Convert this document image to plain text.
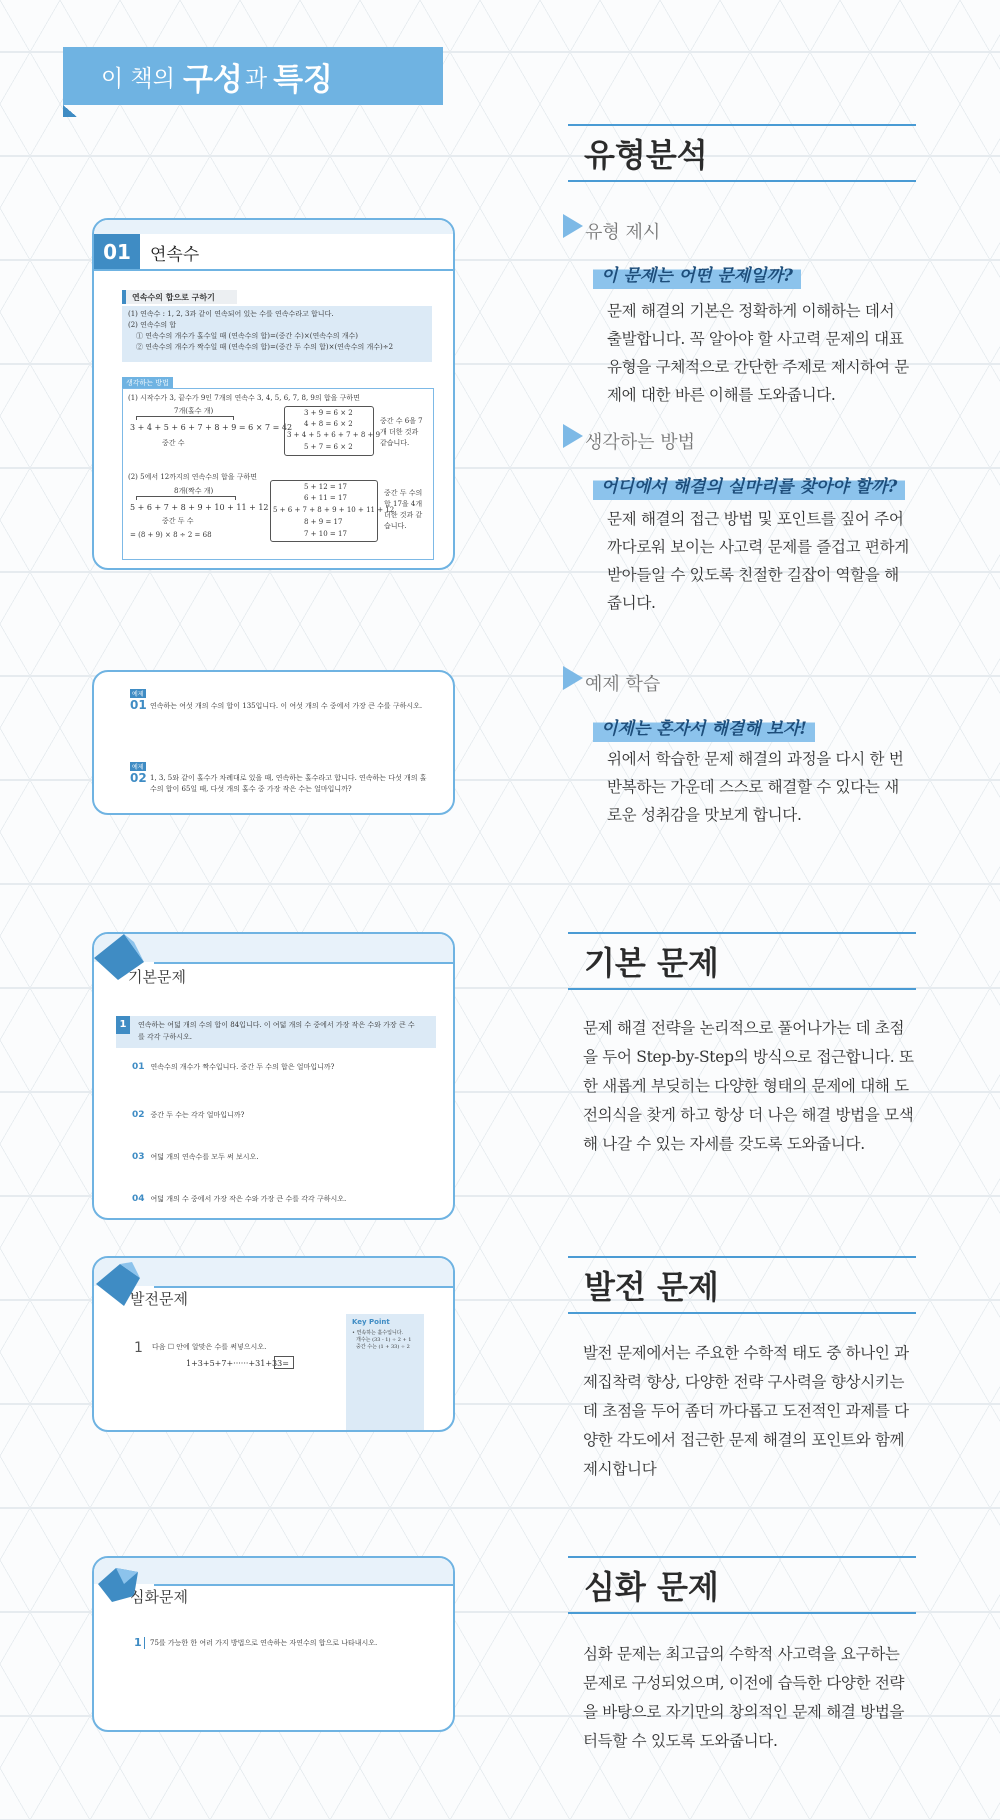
이 책의 구성 과 특징
유형분석
유형 제시
이 문제는 어떤 문제일까?
문제 해결의 기본은 정확하게 이해하는 데서 출발합니다. 꼭 알아야 할 사고력 문제의 대표 유형을 구체적으로 간단한 주제로 제시하여 문제에 대한 바른 이해를 도와줍니다.
생각하는 방법
어디에서 해결의 실마리를 찾아야 할까?
문제 해결의 접근 방법 및 포인트를 짚어 주어 까다로워 보이는 사고력 문제를 즐겁고 편하게 받아들일 수 있도록 친절한 길잡이 역할을 해 줍니다.
예제 학습
이제는 혼자서 해결해 보자!
위에서 학습한 문제 해결의 과정을 다시 한 번 반복하는 가운데 스스로 해결할 수 있다는 새로운 성취감을 맛보게 합니다.
기본 문제
문제 해결 전략을 논리적으로 풀어나가는 데 초점을 두어 Step-by-Step의 방식으로 접근합니다. 또한 새롭게 부딪히는 다양한 형태의 문제에 대해 도전의식을 찾게 하고 항상 더 나은 해결 방법을 모색해 나갈 수 있는 자세를 갖도록 도와줍니다.
발전 문제
발전 문제에서는 주요한 수학적 태도 중 하나인 과제집착력 향상, 다양한 전략 구사력을 향상시키는 데 초점을 두어 좀더 까다롭고 도전적인 과제를 다양한 각도에서 접근한 문제 해결의 포인트와 함께 제시합니다
심화 문제
심화 문제는 최고급의 수학적 사고력을 요구하는 문제로 구성되었으며, 이전에 습득한 다양한 전략을 바탕으로 자기만의 창의적인 문제 해결 방법을 터득할 수 있도록 도와줍니다.
01	연속수
연속수의 합으로 구하기
(1) 연속수 : 1, 2, 3과 같이 연속되어 있는 수를 연속수라고 합니다.
(2) 연속수의 합
① 연속수의 개수가 홀수일 때 (연속수의 합)=(중간 수)×(연속수의 개수)
② 연속수의 개수가 짝수일 때 (연속수의 합)=(중간 두 수의 합)×(연속수의 개수)÷2
생각하는 방법
(1) 시작수가 3, 끝수가 9인 7개의 연속수 3, 4, 5, 6, 7, 8, 9의 합을 구하면
7개(홀수 개)
3 + 4 + 5 + 6 + 7 + 8 + 9 = 6 × 7 = 42
중간 수
3 + 9 = 6 × 2
4 + 8 = 6 × 2
3 + 4 + 5 + 6 + 7 + 8 + 9
5 + 7 = 6 × 2
중간 수 6을 7개 더한 것과 같습니다.
(2) 5에서 12까지의 연속수의 합을 구하면
8개(짝수 개)
5 + 6 + 7 + 8 + 9 + 10 + 11 + 12
중간 두 수
= (8 + 9) × 8 ÷ 2 = 68
5 + 12 = 17
6 + 11 = 17
5 + 6 + 7 + 8 + 9 + 10 + 11 + 12
8 + 9 = 17
7 + 10 = 17
중간 두 수의 합 17을 4개 더한 것과 같습니다.
예제
01 연속하는 여섯 개의 수의 합이 135입니다. 이 여섯 개의 수 중에서 가장 큰 수를 구하시오.
예제
02 1, 3, 5와 같이 홀수가 차례대로 있을 때, 연속하는 홀수라고 합니다. 연속하는 다섯 개의 홀
수의 합이 65일 때, 다섯 개의 홀수 중 가장 작은 수는 얼마입니까?
기본문제
1	연속하는 여덟 개의 수의 합이 84입니다. 이 여덟 개의 수 중에서 가장 작은 수와 가장 큰 수
를 각각 구하시오.
01 연속수의 개수가 짝수입니다. 중간 두 수의 합은 얼마입니까?
02 중간 두 수는 각각 얼마입니까?
03 여덟 개의 연속수를 모두 써 보시오.
04 여덟 개의 수 중에서 가장 작은 수와 가장 큰 수를 각각 구하시오.
발전문제
1 다음 ☐ 안에 알맞은 수를 써넣으시오.
1+3+5+7+······+31+33=
Key Point
• 연속하는 홀수입니다.
개수는 (33 - 1) ÷ 2 + 1
중간 수는 (1 + 33) ÷ 2
심화문제
1 75를 가능한 한 여러 가지 방법으로 연속하는 자연수의 합으로 나타내시오.
